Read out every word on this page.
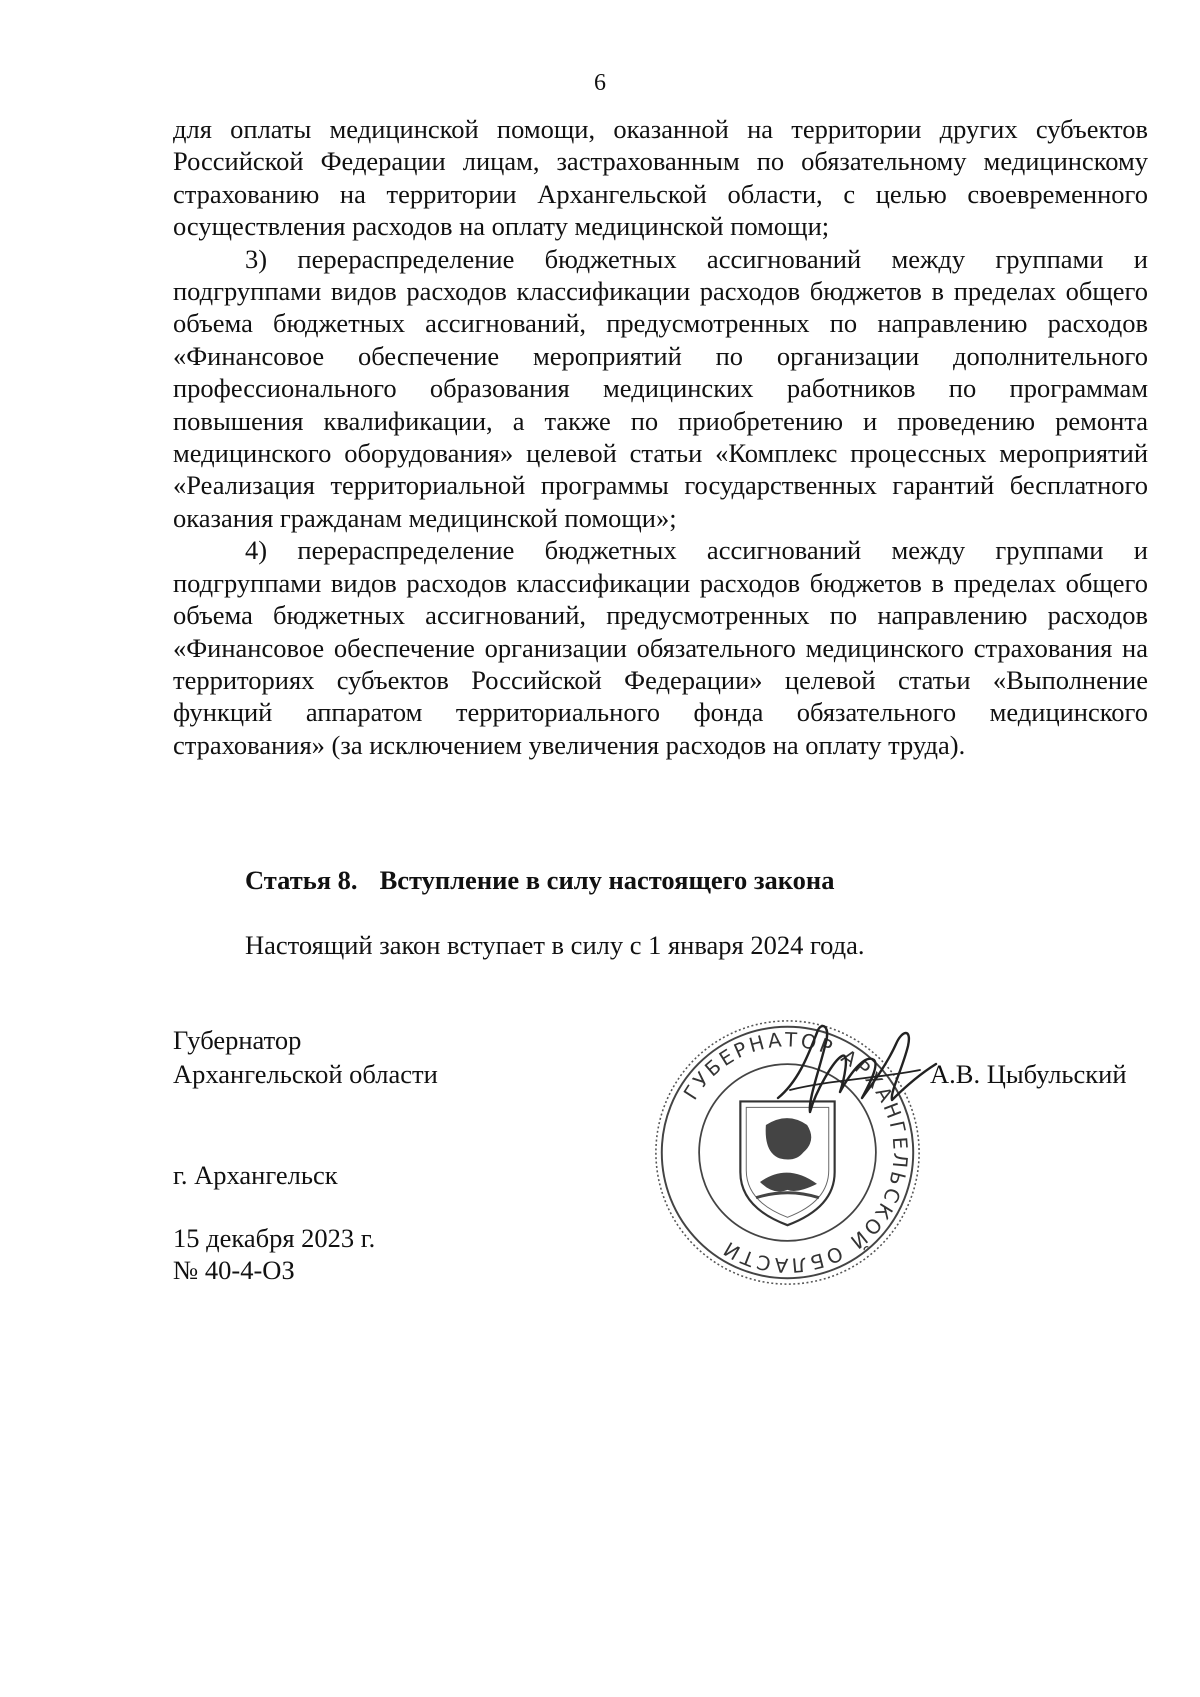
6

для оплаты медицинской помощи, оказанной на территории других субъектов Российской Федерации лицам, застрахованным по обязательному медицинскому страхованию на территории Архангельской области, с целью своевременного осуществления расходов на оплату медицинской помощи;

3) перераспределение бюджетных ассигнований между группами и подгруппами видов расходов классификации расходов бюджетов в пределах общего объема бюджетных ассигнований, предусмотренных по направлению расходов «Финансовое обеспечение мероприятий по организации дополнительного профессионального образования медицинских работников по программам повышения квалификации, а также по приобретению и проведению ремонта медицинского оборудования» целевой статьи «Комплекс процессных мероприятий «Реализация территориальной программы государственных гарантий бесплатного оказания гражданам медицинской помощи»;

4) перераспределение бюджетных ассигнований между группами и подгруппами видов расходов классификации расходов бюджетов в пределах общего объема бюджетных ассигнований, предусмотренных по направлению расходов «Финансовое обеспечение организации обязательного медицинского страхования на территориях субъектов Российской Федерации» целевой статьи «Выполнение функций аппаратом территориального фонда обязательного медицинского страхования» (за исключением увеличения расходов на оплату труда).

Статья 8. Вступление в силу настоящего закона
Настоящий закон вступает в силу с 1 января 2024 года.
Губернатор
Архангельской области
ГУБЕРНАТОР АРХАНГЕЛЬСКОЙ ОБЛАСТИ
А.В. Цыбульский
г. Архангельск
15 декабря 2023 г.
№ 40-4-ОЗ
